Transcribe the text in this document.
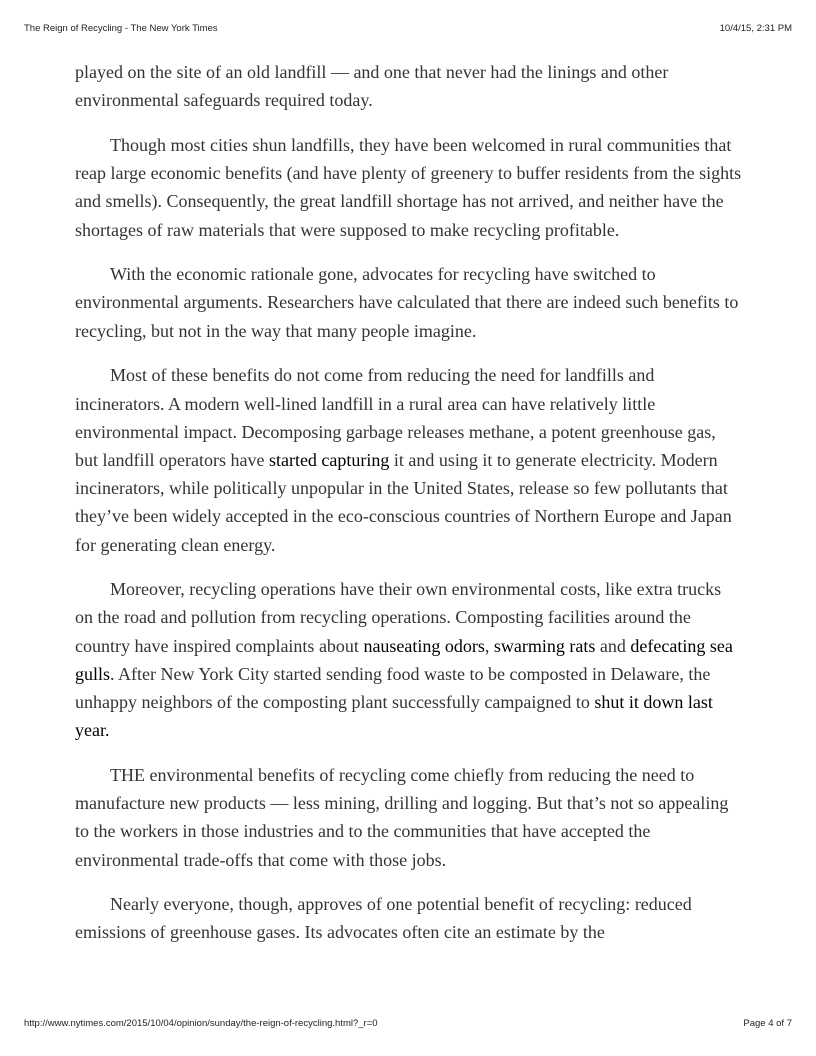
The Reign of Recycling - The New York Times	10/4/15, 2:31 PM

played on the site of an old landfill — and one that never had the linings and other environmental safeguards required today.

Though most cities shun landfills, they have been welcomed in rural communities that reap large economic benefits (and have plenty of greenery to buffer residents from the sights and smells). Consequently, the great landfill shortage has not arrived, and neither have the shortages of raw materials that were supposed to make recycling profitable.

With the economic rationale gone, advocates for recycling have switched to environmental arguments. Researchers have calculated that there are indeed such benefits to recycling, but not in the way that many people imagine.

Most of these benefits do not come from reducing the need for landfills and incinerators. A modern well-lined landfill in a rural area can have relatively little environmental impact. Decomposing garbage releases methane, a potent greenhouse gas, but landfill operators have started capturing it and using it to generate electricity. Modern incinerators, while politically unpopular in the United States, release so few pollutants that they’ve been widely accepted in the eco-conscious countries of Northern Europe and Japan for generating clean energy.

Moreover, recycling operations have their own environmental costs, like extra trucks on the road and pollution from recycling operations. Composting facilities around the country have inspired complaints about nauseating odors, swarming rats and defecating sea gulls. After New York City started sending food waste to be composted in Delaware, the unhappy neighbors of the composting plant successfully campaigned to shut it down last year.

THE environmental benefits of recycling come chiefly from reducing the need to manufacture new products — less mining, drilling and logging. But that’s not so appealing to the workers in those industries and to the communities that have accepted the environmental trade-offs that come with those jobs.

Nearly everyone, though, approves of one potential benefit of recycling: reduced emissions of greenhouse gases. Its advocates often cite an estimate by the

http://www.nytimes.com/2015/10/04/opinion/sunday/the-reign-of-recycling.html?_r=0	Page 4 of 7
